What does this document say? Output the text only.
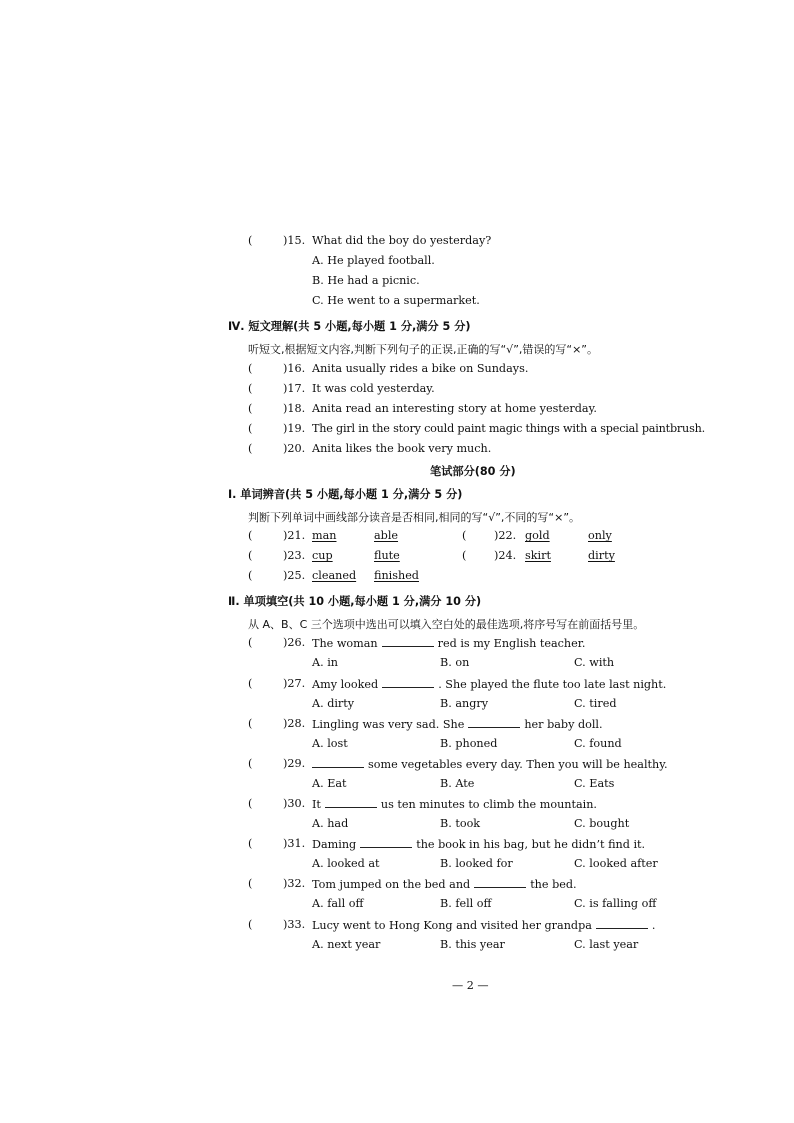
(	)15. What did the boy do yesterday?
A. He played football.
B. He had a picnic.
C. He went to a supermarket.
Ⅳ. 短文理解(共 5 小题,每小题 1 分,满分 5 分)
听短文,根据短文内容,判断下列句子的正误,正确的写“√”,错误的写“×”。
(	)16. Anita usually rides a bike on Sundays.
(	)17. It was cold yesterday.
(	)18. Anita read an interesting story at home yesterday.
(	)19. The girl in the story could paint magic things with a special paintbrush.
(	)20. Anita likes the book very much.
笔试部分(80 分)
Ⅰ. 单词辨音(共 5 小题,每小题 1 分,满分 5 分)
判断下列单词中画线部分读音是否相同,相同的写“√”,不同的写“×”。
(	)21. man	able	( )22. gold	only
(	)23. cup	flute	( )24. skirt	dirty
(	)25. cleaned finished
Ⅱ. 单项填空(共 10 小题,每小题 1 分,满分 10 分)
从 A、B、C 三个选项中选出可以填入空白处的最佳选项,将序号写在前面括号里。
(	)26. The woman	red is my English teacher.
A. in	B. on	C. with
(	)27. Amy looked	. She played the flute too late last night.
A. dirty	B. angry	C. tired
(	)28. Lingling was very sad. She	her baby doll.
A. lost	B. phoned	C. found
(	)29.	some vegetables every day. Then you will be healthy.
A. Eat	B. Ate	C. Eats
(	)30. It	us ten minutes to climb the mountain.
A. had	B. took	C. bought
(	)31. Daming	the book in his bag, but he didn’t find it.
A. looked at	B. looked for	C. looked after
(	)32. Tom jumped on the bed and	the bed.
A. fall off	B. fell off	C. is falling off
(	)33. Lucy went to Hong Kong and visited her grandpa	.
A. next year	B. this year	C. last year
— 2 —
